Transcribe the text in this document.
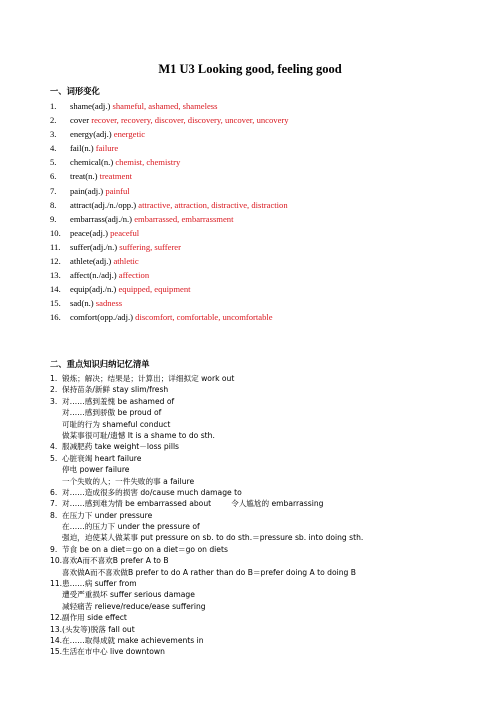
M1 U3 Looking good, feeling good
一、词形变化
1. shame(adj.) shameful, ashamed, shameless
2. cover recover, recovery, discover, discovery, uncover, uncovery
3. energy(adj.) energetic
4. fail(n.) failure
5. chemical(n.) chemist, chemistry
6. treat(n.) treatment
7. pain(adj.) painful
8. attract(adj./n./opp.) attractive, attraction, distractive, distraction
9. embarrass(adj./n.) embarrassed, embarrassment
10. peace(adj.) peaceful
11. suffer(adj./n.) suffering, sufferer
12. athlete(adj.) athletic
13. affect(n./adj.) affection
14. equip(adj./n.) equipped, equipment
15. sad(n.) sadness
16. comfort(opp./adj.) discomfort, comfortable, uncomfortable
二、重点知识归纳记忆清单
1. 锻炼；解决；结果是；计算出；详细拟定 work out
2. 保持苗条/新鲜 stay slim/fresh
3. 对……感到羞愧 be ashamed of
对……感到骄傲 be proud of
可耻的行为 shameful conduct
做某事很可耻/遗憾 It is a shame to do sth.
4. 服减肥药 take weight－loss pills
5. 心脏衰竭 heart failure
停电 power failure
一个失败的人；一件失败的事 a failure
6. 对……造成很多的损害 do/cause much damage to
7. 对……感到难为情 be embarrassed about	令人尴尬的 embarrassing
8. 在压力下 under pressure
在……的压力下 under the pressure of
强迫，迫使某人做某事 put pressure on sb. to do sth.＝pressure sb. into doing sth.
9. 节食 be on a diet＝go on a diet＝go on diets
10.喜欢A而不喜欢B prefer A to B
喜欢做A而不喜欢做B prefer to do A rather than do B＝prefer doing A to doing B
11.患……病 suffer from
遭受严重损坏 suffer serious damage
减轻痛苦 relieve/reduce/ease suffering
12.副作用 side effect
13.(头发等)脱落 fall out
14.在……取得成就 make achievements in
15.生活在市中心 live downtown
